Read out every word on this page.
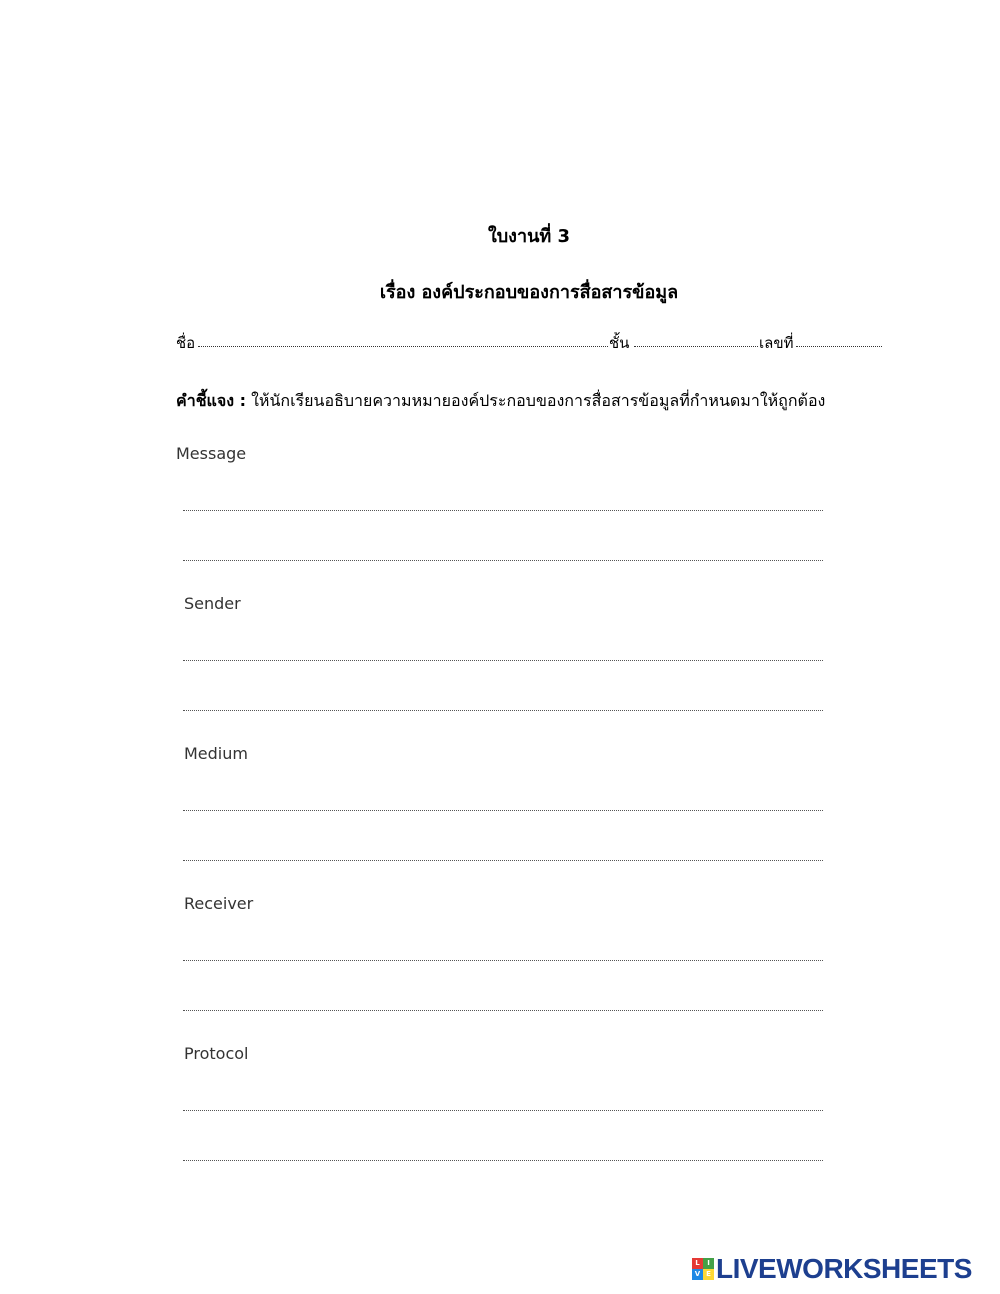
ใบงานที่ 3
เรื่อง องค์ประกอบของการสื่อสารข้อมูล
ชื่อ	ชั้น	เลขที่
คำชี้แจง : ให้นักเรียนอธิบายความหมายองค์ประกอบของการสื่อสารข้อมูลที่กำหนดมาให้ถูกต้อง
Message
Sender
Medium
Receiver
Protocol
L	I
V E LIVEWORKSHEETS
